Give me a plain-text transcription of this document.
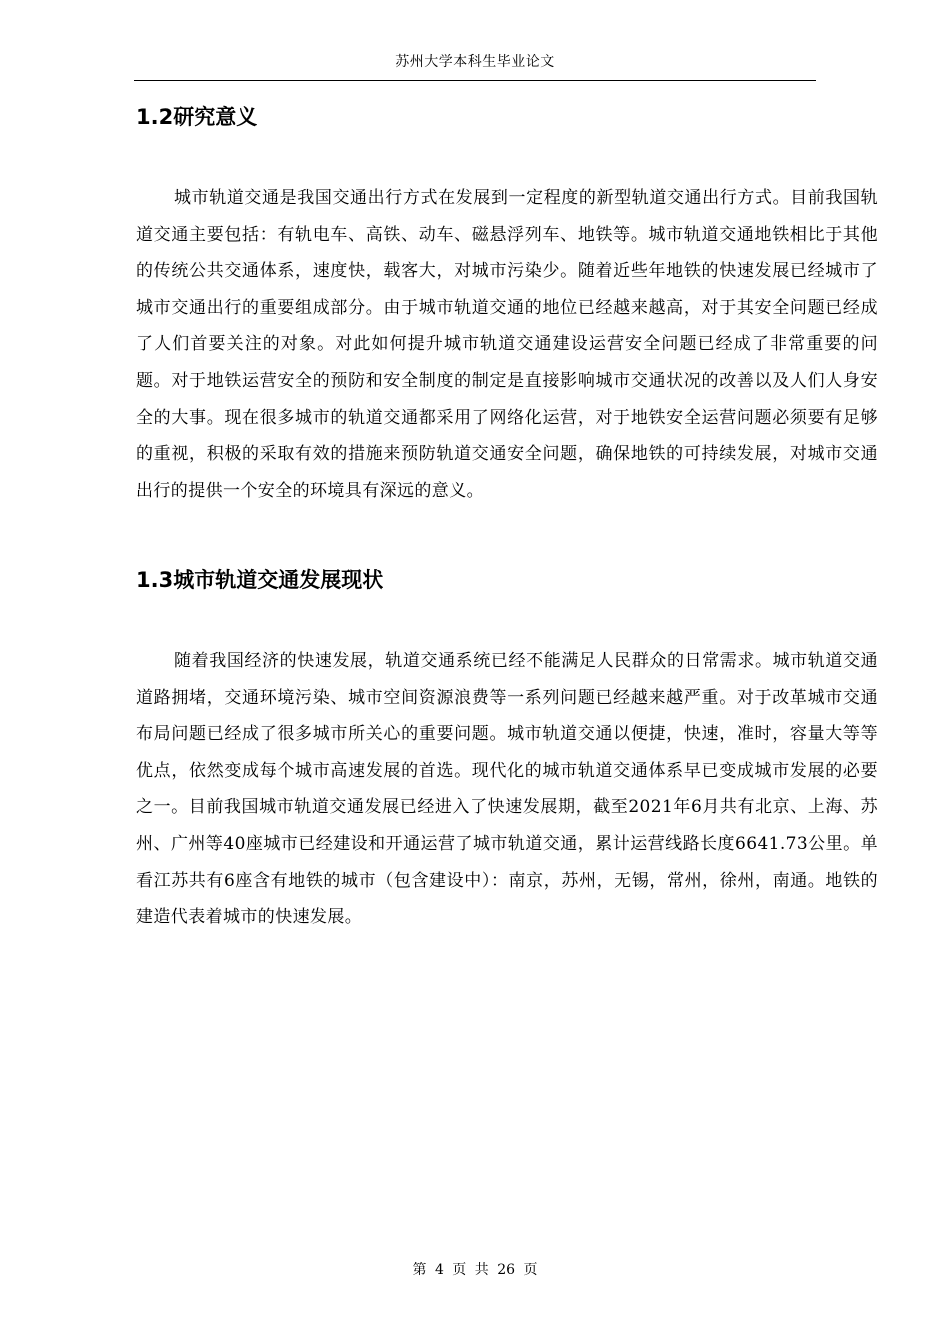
苏州大学本科生毕业论文
1.2研究意义

城市轨道交通是我国交通出行方式在发展到一定程度的新型轨道交通出行方式。目前我国轨道交通主要包括：有轨电车、高铁、动车、磁悬浮列车、地铁等。城市轨道交通地铁相比于其他的传统公共交通体系，速度快，载客大，对城市污染少。随着近些年地铁的快速发展已经城市了城市交通出行的重要组成部分。由于城市轨道交通的地位已经越来越高，对于其安全问题已经成了人们首要关注的对象。对此如何提升城市轨道交通建设运营安全问题已经成了非常重要的问题。对于地铁运营安全的预防和安全制度的制定是直接影响城市交通状况的改善以及人们人身安全的大事。现在很多城市的轨道交通都采用了网络化运营，对于地铁安全运营问题必须要有足够的重视，积极的采取有效的措施来预防轨道交通安全问题，确保地铁的可持续发展，对城市交通出行的提供一个安全的环境具有深远的意义。

1.3城市轨道交通发展现状

随着我国经济的快速发展，轨道交通系统已经不能满足人民群众的日常需求。城市轨道交通道路拥堵，交通环境污染、城市空间资源浪费等一系列问题已经越来越严重。对于改革城市交通布局问题已经成了很多城市所关心的重要问题。城市轨道交通以便捷，快速，准时，容量大等等优点，依然变成每个城市高速发展的首选。现代化的城市轨道交通体系早已变成城市发展的必要之一。目前我国城市轨道交通发展已经进入了快速发展期，截至2021年6月共有北京、上海、苏州、广州等40座城市已经建设和开通运营了城市轨道交通，累计运营线路长度6641.73公里。单看江苏共有6座含有地铁的城市（包含建设中）：南京，苏州，无锡，常州，徐州，南通。地铁的建造代表着城市的快速发展。

第 4 页 共 26 页
